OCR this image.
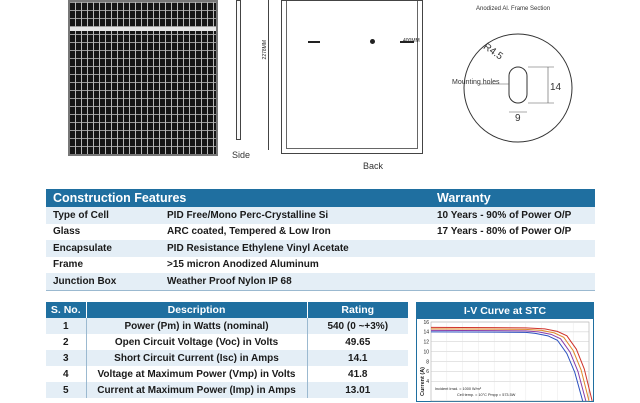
Side
2278MM	400MM
Back
Anodized Al. Frame Section
R4.5
14
9
Mounting holes
Construction Features	Warranty
Type of Cell	PID Free/Mono Perc-Crystalline Si	10 Years - 90% of Power O/P
Glass	ARC coated, Tempered & Low Iron	17 Years - 80% of Power O/P
Encapsulate	PID Resistance Ethylene Vinyl Acetate
Frame	>15 micron Anodized Aluminum
Junction Box	Weather Proof Nylon IP 68
S. No.	Description	Rating
1	Power (Pm) in Watts (nominal)	540 (0 ~+3%)
2	Open Circuit Voltage (Voc) in Volts	49.65
3	Short Circuit Current (Isc) in Amps	14.1
4	Voltage at Maximum Power (Vmp) in Volts	41.8
5	Current at Maximum Power (Imp) in Amps	13.01
I-V Curve at STC
Current (A)
16
14
12
10
8
6
4
Incident Irrad. = 1000 W/m²
Cell temp. = 10°C Pmpp = 573.5W
